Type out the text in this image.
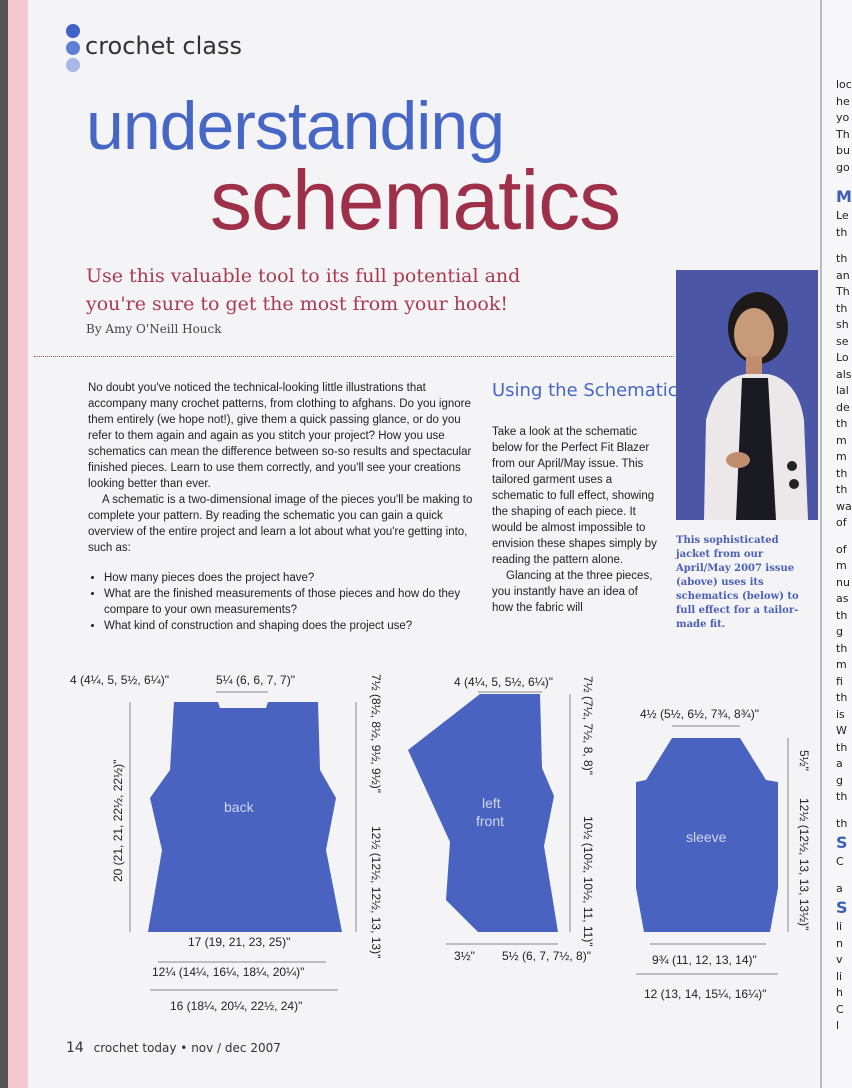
crochet class
understanding
schematics
Use this valuable tool to its full potential and you're sure to get the most from your hook!
By Amy O'Neill Houck
This sophisticated jacket from our April/May 2007 issue (above) uses its schematics (below) to full effect for a tailor-made fit.

No doubt you've noticed the technical-looking little illustrations that accompany many crochet patterns, from clothing to afghans. Do you ignore them entirely (we hope not!), give them a quick passing glance, or do you refer to them again and again as you stitch your project? How you use schematics can mean the difference between so-so results and spectacular finished pieces. Learn to use them correctly, and you'll see your creations looking better than ever.

A schematic is a two-dimensional image of the pieces you'll be making to complete your pattern. By reading the schematic you can gain a quick overview of the entire project and learn a lot about what you're getting into, such as:

• How many pieces does the project have?
• What are the finished measurements of those pieces and how do they compare to your own measurements?
• What kind of construction and shaping does the project use?
Using the Schematic

Take a look at the schematic below for the Perfect Fit Blazer from our April/May issue. This tailored garment uses a schematic to full effect, showing the shaping of each piece. It would be almost impossible to envision these shapes simply by reading the pattern alone.

Glancing at the three pieces, you instantly have an idea of how the fabric will

back
4 (4¼, 5, 5½, 6¼)"	5¼ (6, 6, 7, 7)"
20 (21, 21, 22½, 22½)"
7½ (8½, 8½, 9½, 9½)"
12½ (12½, 12½, 13, 13)"
17 (19, 21, 23, 25)"
12¼ (14¼, 16¼, 18¼, 20¼)"
16 (18¼, 20¼, 22½, 24)"
left
front
4 (4¼, 5, 5½, 6¼)" 7½ (7½, 7½, 8, 8)"
10½ (10½, 10½, 11, 11)"
3½" 5½ (6, 7, 7½, 8)"
sleeve
4½ (5½, 6½, 7¾, 8¾)"
5½"
12½ (12½, 13, 13, 13½)"
9¾ (11, 12, 13, 14)"
12 (13, 14, 15¼, 16¼)"
14 crochet today • nov / dec 2007
loc
he
yo
Th
bu
go
M
Le
th
th
an
Th
th
sh
se
Lo
als
lal
de
th
m
m
th
th
wa
of
of
m
nu
as
th
g
th
m
fi
th
is
W
th
a
g
th
th
S
C
a
S
li
n
v
li
h
C
l
